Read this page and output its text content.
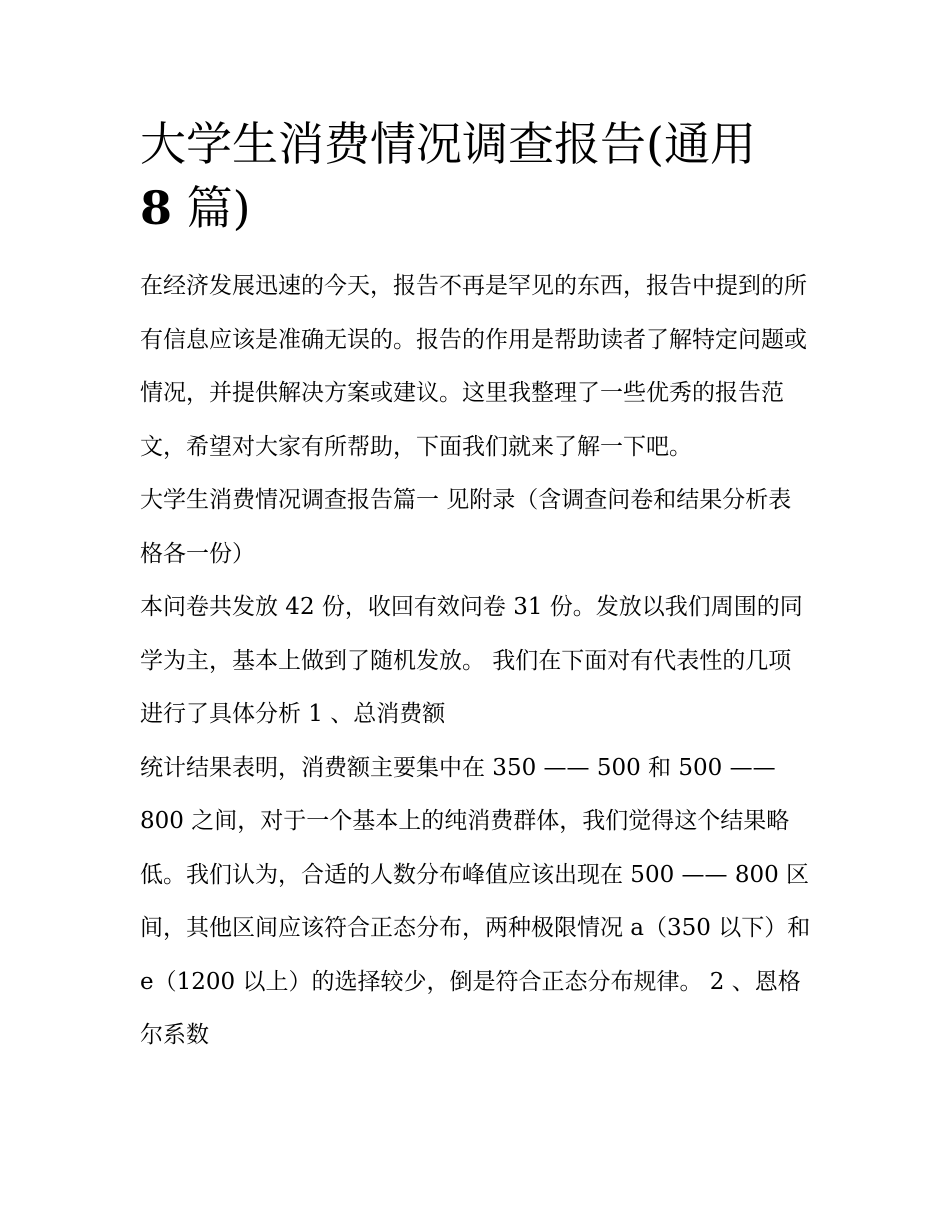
大学生消费情况调查报告(通用
8 篇)

在经济发展迅速的今天，报告不再是罕见的东西，报告中提到的所有信息应该是准确无误的。报告的作用是帮助读者了解特定问题或情况，并提供解决方案或建议。这里我整理了一些优秀的报告范文，希望对大家有所帮助，下面我们就来了解一下吧。

大学生消费情况调查报告篇一 见附录（含调查问卷和结果分析表格各一份）

本问卷共发放 42 份，收回有效问卷 31 份。发放以我们周围的同学为主，基本上做到了随机发放。 我们在下面对有代表性的几项进行了具体分析 1 、总消费额

统计结果表明，消费额主要集中在 350 —— 500 和 500 —— 800 之间，对于一个基本上的纯消费群体，我们觉得这个结果略低。我们认为，合适的人数分布峰值应该出现在 500 —— 800 区间，其他区间应该符合正态分布，两种极限情况 a（350 以下）和 e（1200 以上）的选择较少，倒是符合正态分布规律。 2 、恩格尔系数
